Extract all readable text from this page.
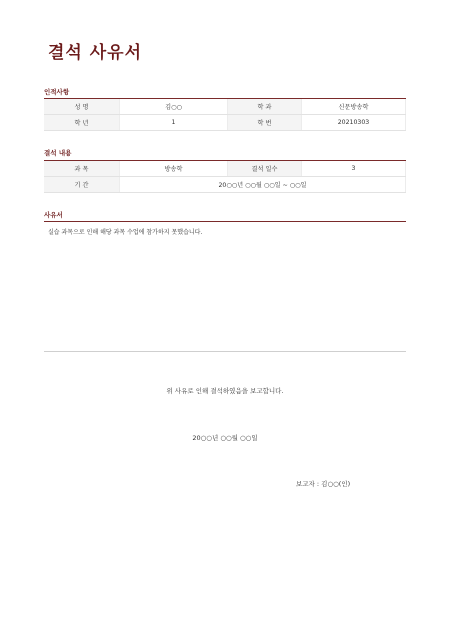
결석 사유서
인적사항
성 명	김○○	학 과	신문방송학
학 년	1	학 번	20210303
결석 내용
과 목	방송학	결석 일수	3
기 간	20○○년 ○○월 ○○일 ~ ○○일		
사유서
실습 과목으로 인해 해당 과목 수업에 참가하지 못했습니다.
위 사유로 인해 결석하였음을 보고합니다.
20○○년 ○○월 ○○일
보고자 : 김○○(인)
